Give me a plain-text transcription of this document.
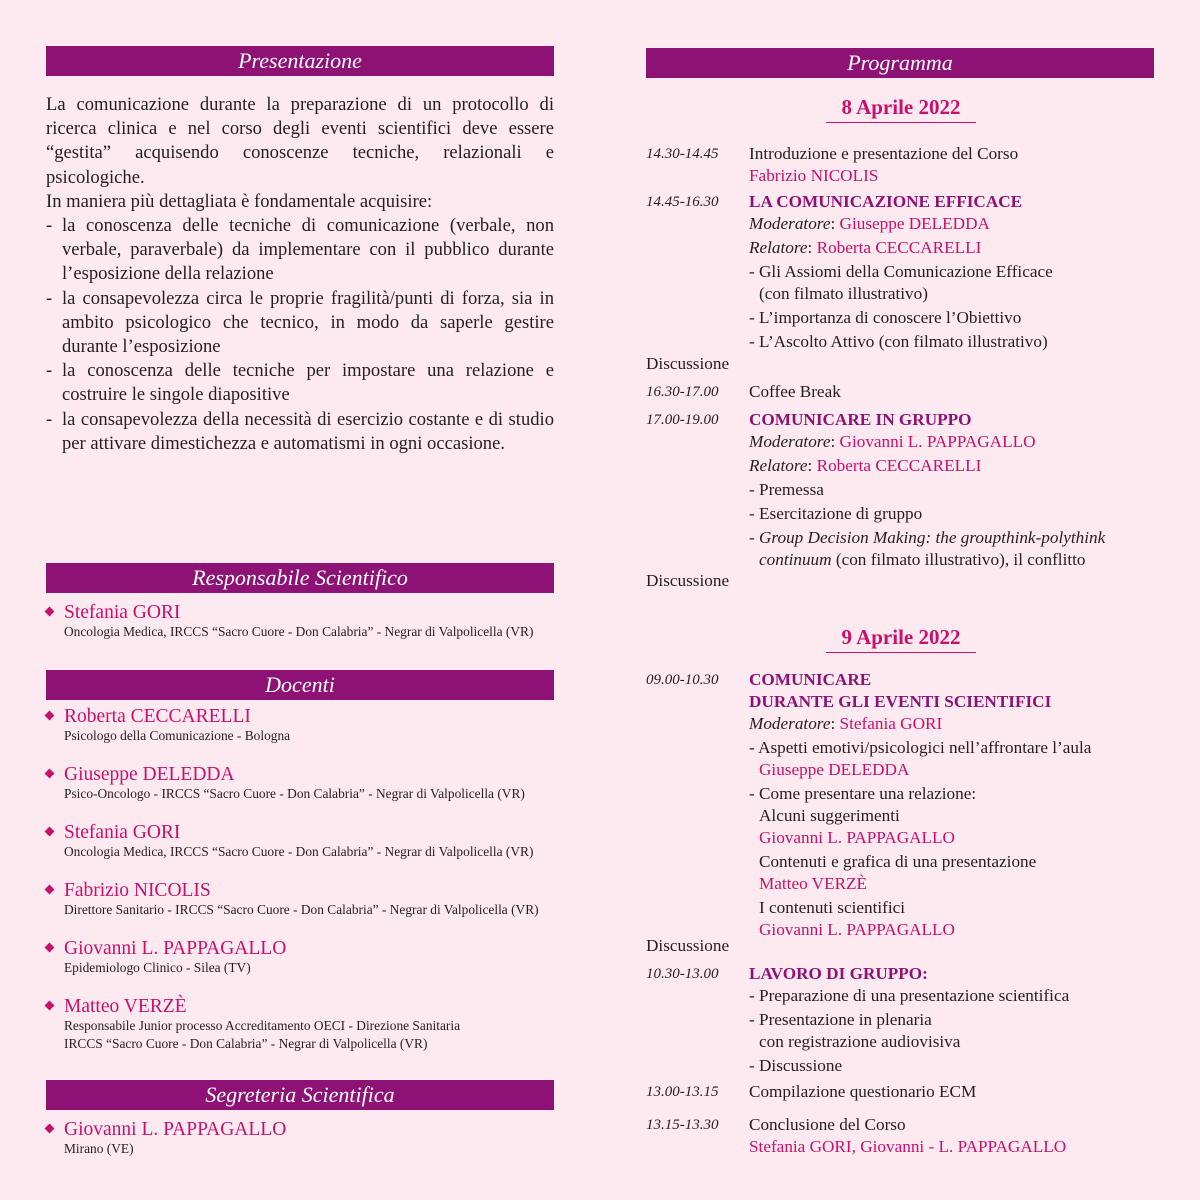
Presentazione

La comunicazione durante la preparazione di un protocollo di ricerca clinica e nel corso degli eventi scientifici deve essere “gestita” acquisendo conoscenze tecniche, relazionali e psicologiche.

In maniera più dettagliata è fondamentale acquisire:

- la conoscenza delle tecniche di comunicazione (verbale, non verbale, paraverbale) da implementare con il pubblico durante l’esposizione della relazione
- la consapevolezza circa le proprie fragilità/punti di forza, sia in ambito psicologico che tecnico, in modo da saperle gestire durante l’esposizione
- la conoscenza delle tecniche per impostare una relazione e costruire le singole diapositive
- la consapevolezza della necessità di esercizio costante e di studio per attivare dimestichezza e automatismi in ogni occasione.
Responsabile Scientifico
Stefania GORI
Oncologia Medica, IRCCS “Sacro Cuore - Don Calabria” - Negrar di Valpolicella (VR)
Docenti
Roberta CECCARELLI
Psicologo della Comunicazione - Bologna
Giuseppe DELEDDA
Psico-Oncologo - IRCCS “Sacro Cuore - Don Calabria” - Negrar di Valpolicella (VR)
Stefania GORI
Oncologia Medica, IRCCS “Sacro Cuore - Don Calabria” - Negrar di Valpolicella (VR)
Fabrizio NICOLIS
Direttore Sanitario - IRCCS “Sacro Cuore - Don Calabria” - Negrar di Valpolicella (VR)
Giovanni L. PAPPAGALLO
Epidemiologo Clinico - Silea (TV)
Matteo VERZÈ
Responsabile Junior processo Accreditamento OECI - Direzione Sanitaria
IRCCS “Sacro Cuore - Don Calabria” - Negrar di Valpolicella (VR)
Segreteria Scientifica
Giovanni L. PAPPAGALLO
Mirano (VE)
Programma
8 Aprile 2022
14.30-14.45 Introduzione e presentazione del Corso
Fabrizio NICOLIS
14.45-16.30 LA COMUNICAZIONE EFFICACE
Moderatore: Giuseppe DELEDDA
Relatore: Roberta CECCARELLI
- Gli Assiomi della Comunicazione Efficace
(con filmato illustrativo)
- L’importanza di conoscere l’Obiettivo
- L’Ascolto Attivo (con filmato illustrativo)
Discussione
16.30-17.00 Coffee Break
17.00-19.00 COMUNICARE IN GRUPPO
Moderatore: Giovanni L. PAPPAGALLO
Relatore: Roberta CECCARELLI
- Premessa
- Esercitazione di gruppo
- Group Decision Making: the groupthink-polythink
continuum (con filmato illustrativo), il conflitto
Discussione
9 Aprile 2022
09.00-10.30 COMUNICARE
DURANTE GLI EVENTI SCIENTIFICI
Moderatore: Stefania GORI
- Aspetti emotivi/psicologici nell’affrontare l’aula
Giuseppe DELEDDA
- Come presentare una relazione:
Alcuni suggerimenti
Giovanni L. PAPPAGALLO
Contenuti e grafica di una presentazione
Matteo VERZÈ
I contenuti scientifici
Giovanni L. PAPPAGALLO
Discussione
10.30-13.00 LAVORO DI GRUPPO:
- Preparazione di una presentazione scientifica
- Presentazione in plenaria
con registrazione audiovisiva
- Discussione
13.00-13.15 Compilazione questionario ECM
13.15-13.30 Conclusione del Corso
Stefania GORI, Giovanni - L. PAPPAGALLO
